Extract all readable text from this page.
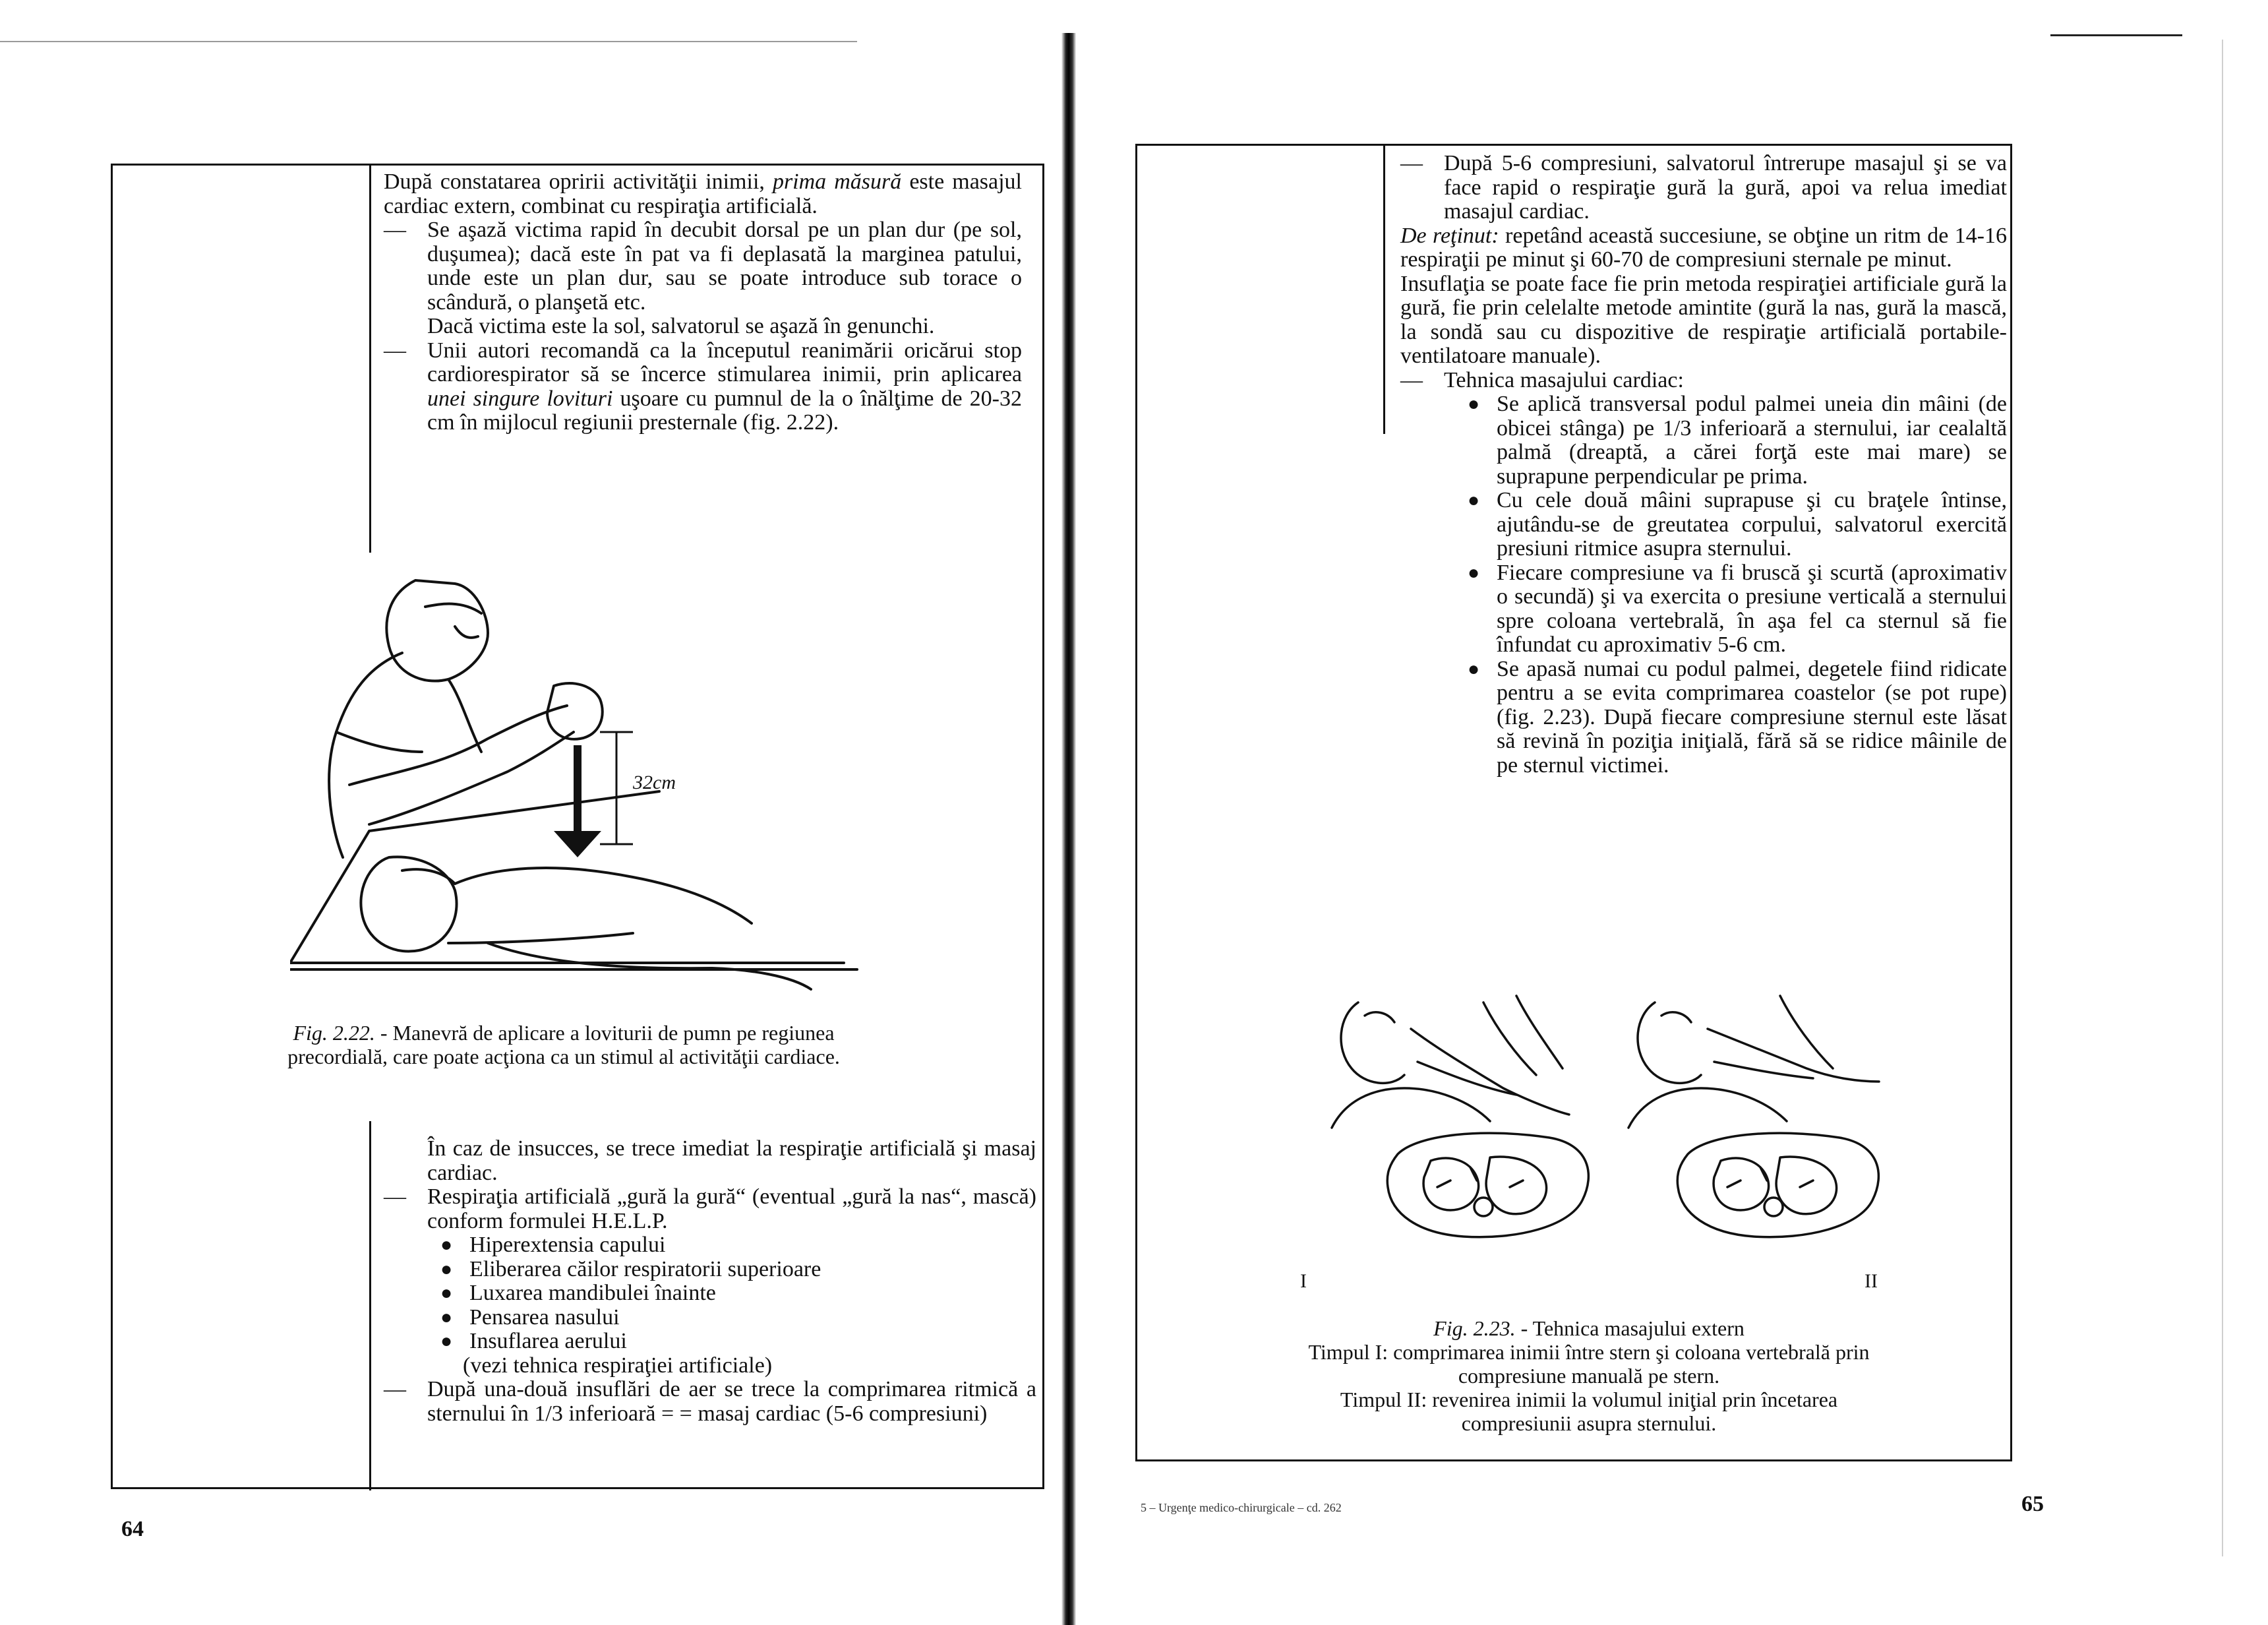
După constatarea opririi activităţii inimii, prima măsură este masajul cardiac extern, combinat cu respiraţia artificială.

— Se aşază victima rapid în decubit dorsal pe un plan dur (pe sol, duşumea); dacă este în pat va fi deplasată la marginea patului, unde este un plan dur, sau se poate introduce sub torace o scândură, o planşetă etc.

Dacă victima este la sol, salvatorul se aşază în genunchi.

— Unii autori recomandă ca la începutul reanimării oricărui stop cardiorespirator să se încerce stimularea inimii, prin aplicarea unei singure lovituri uşoare cu pumnul de la o înălţime de 20-32 cm în mijlocul regiunii presternale (fig. 2.22).

32cm
Fig. 2.22. - Manevră de aplicare a loviturii de pumn pe regiunea precordială, care poate acţiona ca un stimul al activităţii cardiace.

În caz de insucces, se trece imediat la respiraţie artificială şi masaj cardiac.

— Respiraţia artificială „gură la gură“ (eventual „gură la nas“, mască) conform formulei H.E.L.P.

● Hiperextensia capului
● Eliberarea căilor respiratorii superioare
● Luxarea mandibulei înainte
● Pensarea nasului
● Insuflarea aerului

(vezi tehnica respiraţiei artificiale)

— După una-două insuflări de aer se trece la comprimarea ritmică a sternului în 1/3 inferioară = = masaj cardiac (5-6 compresiuni)

64
— După 5-6 compresiuni, salvatorul întrerupe masajul şi se va face rapid o respiraţie gură la gură, apoi va relua imediat masajul cardiac.

De reţinut: repetând această succesiune, se obţine un ritm de 14-16 respiraţii pe minut şi 60-70 de compresiuni sternale pe minut.

Insuflaţia se poate face fie prin metoda respiraţiei artificiale gură la gură, fie prin celelalte metode amintite (gură la nas, gură la mască, la sondă sau cu dispozitive de respiraţie artificială portabile-ventilatoare manuale).

— Tehnica masajului cardiac:

● Se aplică transversal podul palmei uneia din mâini (de obicei stânga) pe 1/3 inferioară a sternului, iar cealaltă palmă (dreaptă, a cărei forţă este mai mare) se suprapune perpendicular pe prima.
● Cu cele două mâini suprapuse şi cu braţele întinse, ajutându-se de greutatea corpului, salvatorul exercită presiuni ritmice asupra sternului.
● Fiecare compresiune va fi bruscă şi scurtă (aproximativ o secundă) şi va exercita o presiune verticală a sternului spre coloana vertebrală, în aşa fel ca sternul să fie înfundat cu aproximativ 5-6 cm.
● Se apasă numai cu podul palmei, degetele fiind ridicate pentru a se evita comprimarea coastelor (se pot rupe) (fig. 2.23). După fiecare compresiune sternul este lăsat să revină în poziţia iniţială, fără să se ridice mâinile de pe sternul victimei.
I	II

Fig. 2.23. - Tehnica masajului extern

Timpul I: comprimarea inimii între stern şi coloana vertebrală prin compresiune manuală pe stern.

Timpul II: revenirea inimii la volumul iniţial prin încetarea compresiunii asupra sternului.

5 – Urgenţe medico-chirurgicale – cd. 262	65
